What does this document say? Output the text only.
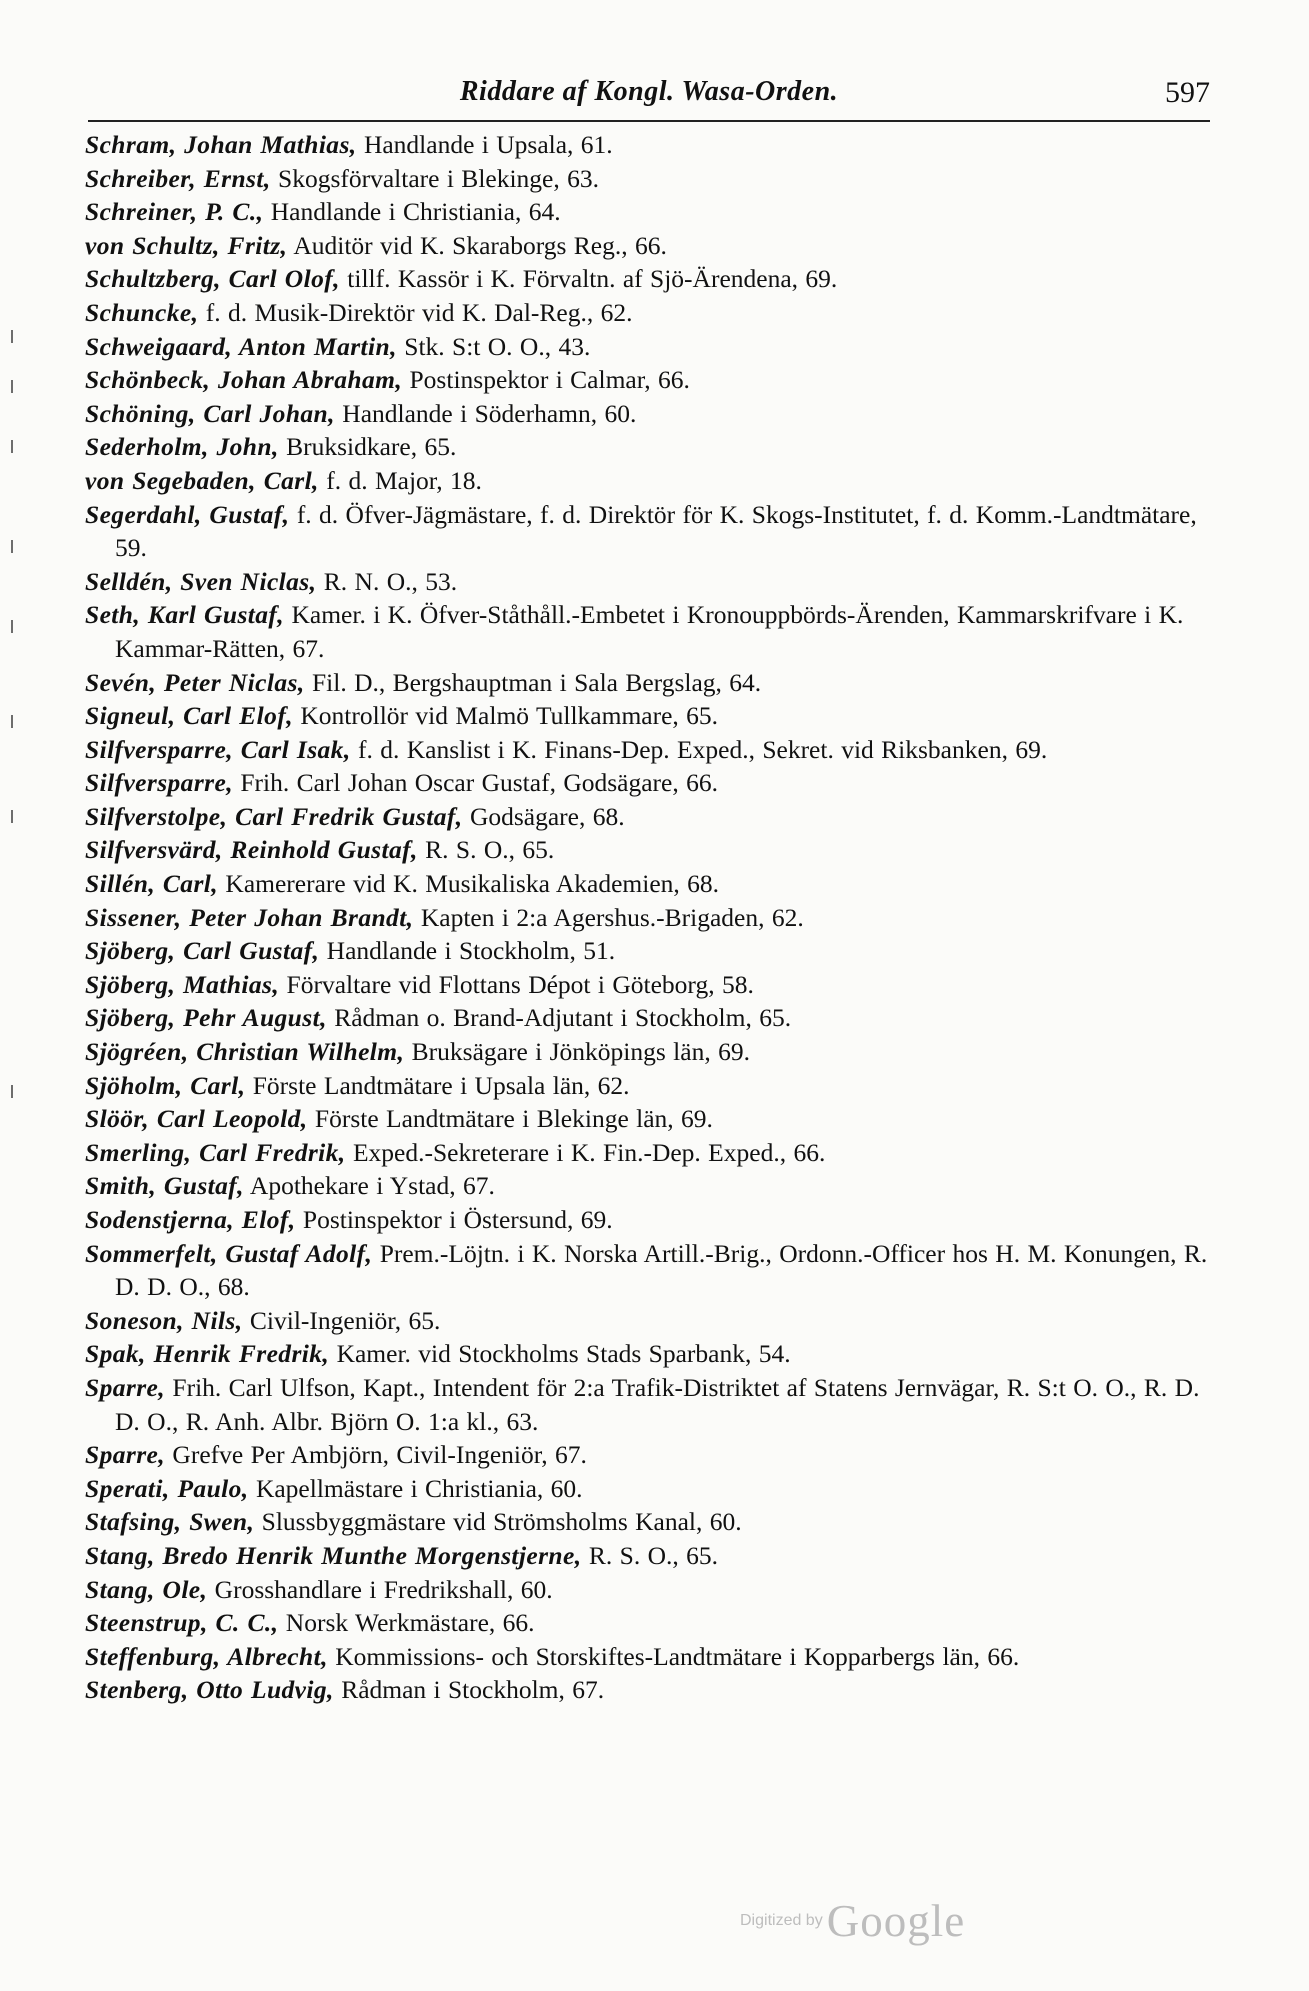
Riddare af Kongl. Wasa-Orden.	597
Schram, Johan Mathias, Handlande i Upsala, 61.
Schreiber, Ernst, Skogsförvaltare i Blekinge, 63.
Schreiner, P. C., Handlande i Christiania, 64.
von Schultz, Fritz, Auditör vid K. Skaraborgs Reg., 66.
Schultzberg, Carl Olof, tillf. Kassör i K. Förvaltn. af Sjö-Ärendena, 69.
Schuncke, f. d. Musik-Direktör vid K. Dal-Reg., 62.
Schweigaard, Anton Martin, Stk. S:t O. O., 43.
Schönbeck, Johan Abraham, Postinspektor i Calmar, 66.
Schöning, Carl Johan, Handlande i Söderhamn, 60.
Sederholm, John, Bruksidkare, 65.
von Segebaden, Carl, f. d. Major, 18.
Segerdahl, Gustaf, f. d. Öfver-Jägmästare, f. d. Direktör för K. Skogs-Institutet, f. d. Komm.-Landtmätare, 59.
Selldén, Sven Niclas, R. N. O., 53.
Seth, Karl Gustaf, Kamer. i K. Öfver-Ståthåll.-Embetet i Kronouppbörds-Ärenden, Kammarskrifvare i K. Kammar-Rätten, 67.
Sevén, Peter Niclas, Fil. D., Bergshauptman i Sala Bergslag, 64.
Signeul, Carl Elof, Kontrollör vid Malmö Tullkammare, 65.
Silfversparre, Carl Isak, f. d. Kanslist i K. Finans-Dep. Exped., Sekret. vid Riksbanken, 69.
Silfversparre, Frih. Carl Johan Oscar Gustaf, Godsägare, 66.
Silfverstolpe, Carl Fredrik Gustaf, Godsägare, 68.
Silfversvärd, Reinhold Gustaf, R. S. O., 65.
Sillén, Carl, Kamererare vid K. Musikaliska Akademien, 68.
Sissener, Peter Johan Brandt, Kapten i 2:a Agershus.-Brigaden, 62.
Sjöberg, Carl Gustaf, Handlande i Stockholm, 51.
Sjöberg, Mathias, Förvaltare vid Flottans Dépot i Göteborg, 58.
Sjöberg, Pehr August, Rådman o. Brand-Adjutant i Stockholm, 65.
Sjögréen, Christian Wilhelm, Bruksägare i Jönköpings län, 69.
Sjöholm, Carl, Förste Landtmätare i Upsala län, 62.
Slöör, Carl Leopold, Förste Landtmätare i Blekinge län, 69.
Smerling, Carl Fredrik, Exped.-Sekreterare i K. Fin.-Dep. Exped., 66.
Smith, Gustaf, Apothekare i Ystad, 67.
Sodenstjerna, Elof, Postinspektor i Östersund, 69.
Sommerfelt, Gustaf Adolf, Prem.-Löjtn. i K. Norska Artill.-Brig., Ordonn.-Officer hos H. M. Konungen, R. D. D. O., 68.
Soneson, Nils, Civil-Ingeniör, 65.
Spak, Henrik Fredrik, Kamer. vid Stockholms Stads Sparbank, 54.
Sparre, Frih. Carl Ulfson, Kapt., Intendent för 2:a Trafik-Distriktet af Statens Jernvägar, R. S:t O. O., R. D. D. O., R. Anh. Albr. Björn O. 1:a kl., 63.
Sparre, Grefve Per Ambjörn, Civil-Ingeniör, 67.
Sperati, Paulo, Kapellmästare i Christiania, 60.
Stafsing, Swen, Slussbyggmästare vid Strömsholms Kanal, 60.
Stang, Bredo Henrik Munthe Morgenstjerne, R. S. O., 65.
Stang, Ole, Grosshandlare i Fredrikshall, 60.
Steenstrup, C. C., Norsk Werkmästare, 66.
Steffenburg, Albrecht, Kommissions- och Storskiftes-Landtmätare i Kopparbergs län, 66.
Stenberg, Otto Ludvig, Rådman i Stockholm, 67.
Digitized by Google
